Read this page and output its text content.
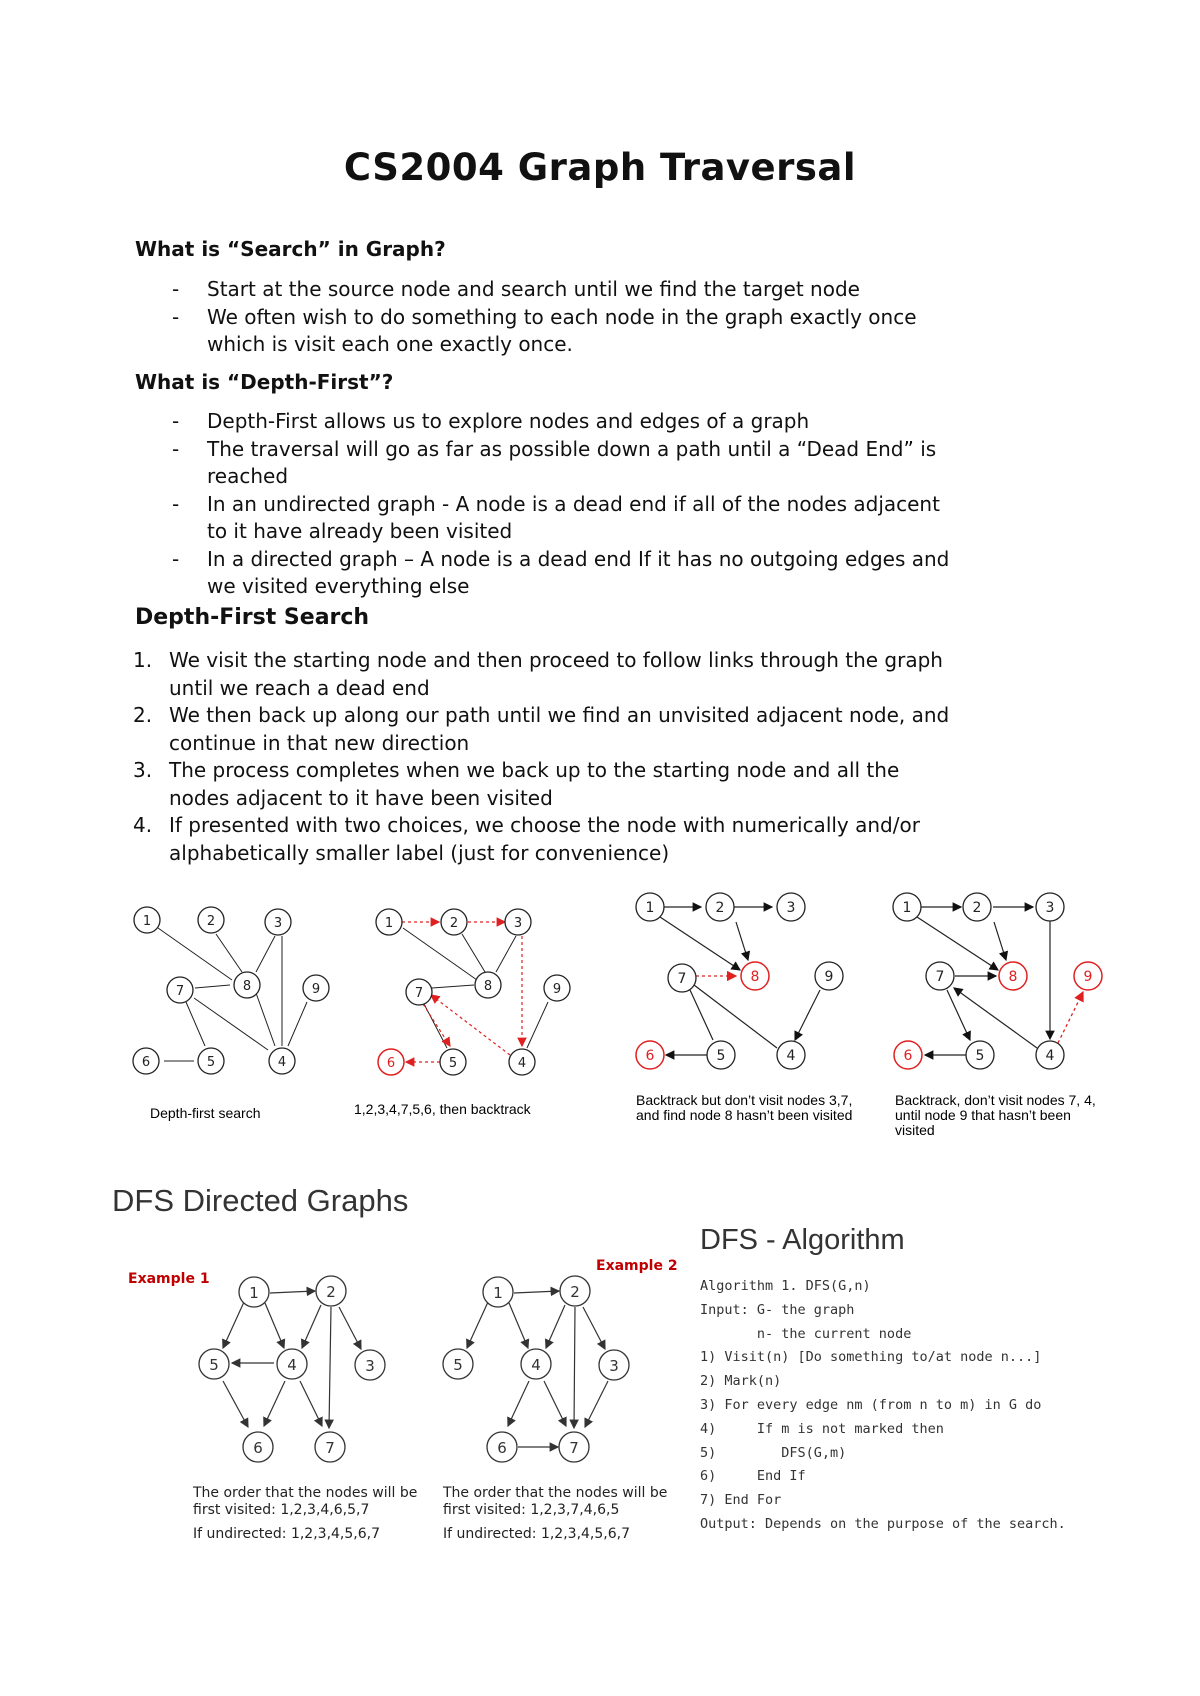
CS2004 Graph Traversal
What is “Search” in Graph?
- Start at the source node and search until we find the target node
- We often wish to do something to each node in the graph exactly once
which is visit each one exactly once.
What is “Depth-First”?
- Depth-First allows us to explore nodes and edges of a graph
- The traversal will go as far as possible down a path until a “Dead End” is
reached
- In an undirected graph - A node is a dead end if all of the nodes adjacent
to it have already been visited
- In a directed graph – A node is a dead end If it has no outgoing edges and
we visited everything else
Depth-First Search
1. We visit the starting node and then proceed to follow links through the graph
until we reach a dead end
2. We then back up along our path until we find an unvisited adjacent node, and
continue in that new direction
3. The process completes when we back up to the starting node and all the
nodes adjacent to it have been visited
4. If presented with two choices, we choose the node with numerically and/or
alphabetically smaller label (just for convenience)
1	2	3
8
7	9
6	5	4
Depth-first search
1	2	3
8
7	9
6	5	4
1,2,3,4,7,5,6, then backtrack
1	2	3
7	8	9
6	5	4
Backtrack but don’t visit nodes 3,7,
and find node 8 hasn’t been visited
1	2	3
7	8	9
6	5	4
Backtrack, don’t visit nodes 7, 4,
until node 9 that hasn’t been
visited
DFS Directed Graphs
Example 1
Example 2
1	2
5	4	3
6	7
The order that the nodes will be
first visited: 1,2,3,4,6,5,7
If undirected: 1,2,3,4,5,6,7
1	2
5	4	3
6	7
The order that the nodes will be
first visited: 1,2,3,7,4,6,5
If undirected: 1,2,3,4,5,6,7
DFS - Algorithm
Algorithm 1. DFS(G,n)
Input: G- the graph
n- the current node
1) Visit(n) [Do something to/at node n...]
2) Mark(n)
3) For every edge nm (from n to m) in G do
4)     If m is not marked then
5)        DFS(G,m)
6)     End If
7) End For
Output: Depends on the purpose of the search.
